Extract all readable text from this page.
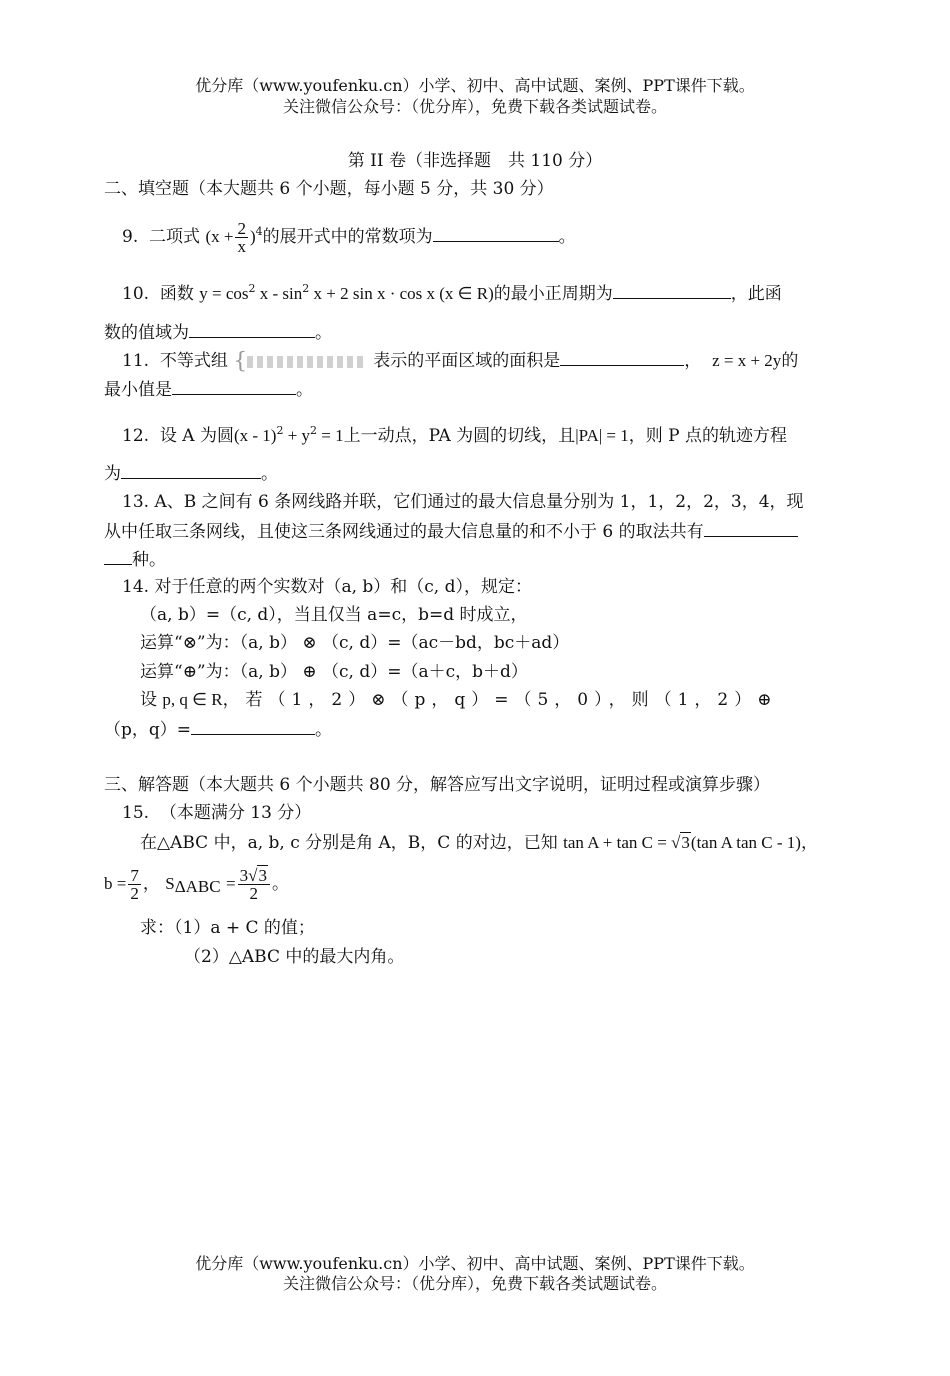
优分库（www.youfenku.cn）小学、初中、高中试题、案例、PPT课件下载。
关注微信公众号：（优分库），免费下载各类试题试卷。
第 II 卷（非选择题　共 110 分）
二、填空题（本大题共 6 个小题，每小题 5 分，共 30 分）
9. 二项式 $(x + \frac{2}{x} )^4$的展开式中的常数项为	。
10. 函数 $y = \cos^2 x - \sin^2 x + 2$ sin x · cos x (x ∈ R)的最小正周期为	，此函
数的值域为	。
11. 不等式组 {	表示的平面区域的面积是	， z = x + 2y的
最小值是	。
12. 设 A 为圆$(x - 1)^2 + y^2 = 1$上一动点，PA 为圆的切线，且|PA| = 1，则 P 点的轨迹方程
为	。
13. A、B 之间有 6 条网线路并联，它们通过的最大信息量分别为 1，1，2，2，3，4，现
从中任取三条网线，且使这三条网线通过的最大信息量的和不小于 6 的取法共有
种。
14. 对于任意的两个实数对（a, b）和（c, d），规定：
（a, b）=（c, d），当且仅当 a=c，b=d 时成立，
运算“⊗”为：（a, b） ⊗ （c, d）=（ac－bd，bc＋ad）
运算“⊕”为：（a, b） ⊕ （c, d）=（a＋c，b＋d）
设 p, q ∈ R，若（1，2）⊗（p，q）=（5，0），则（1，2）⊕
（p，q）=	。
三、解答题（本大题共 6 个小题共 80 分，解答应写出文字说明，证明过程或演算步骤）
15. （本题满分 13 分）
在△ABC 中，a, b, c 分别是角 A，B，C 的对边，已知 tan A + tan C = √3(tan A tan C - 1)，
$b = \frac{7}{2}$ ， $S_{\Delta ABC} = \frac{3√3}{2}$ 。
求：（1）a + C 的值；
（2）△ABC 中的最大内角。
优分库（www.youfenku.cn）小学、初中、高中试题、案例、PPT课件下载。
关注微信公众号：（优分库），免费下载各类试题试卷。
